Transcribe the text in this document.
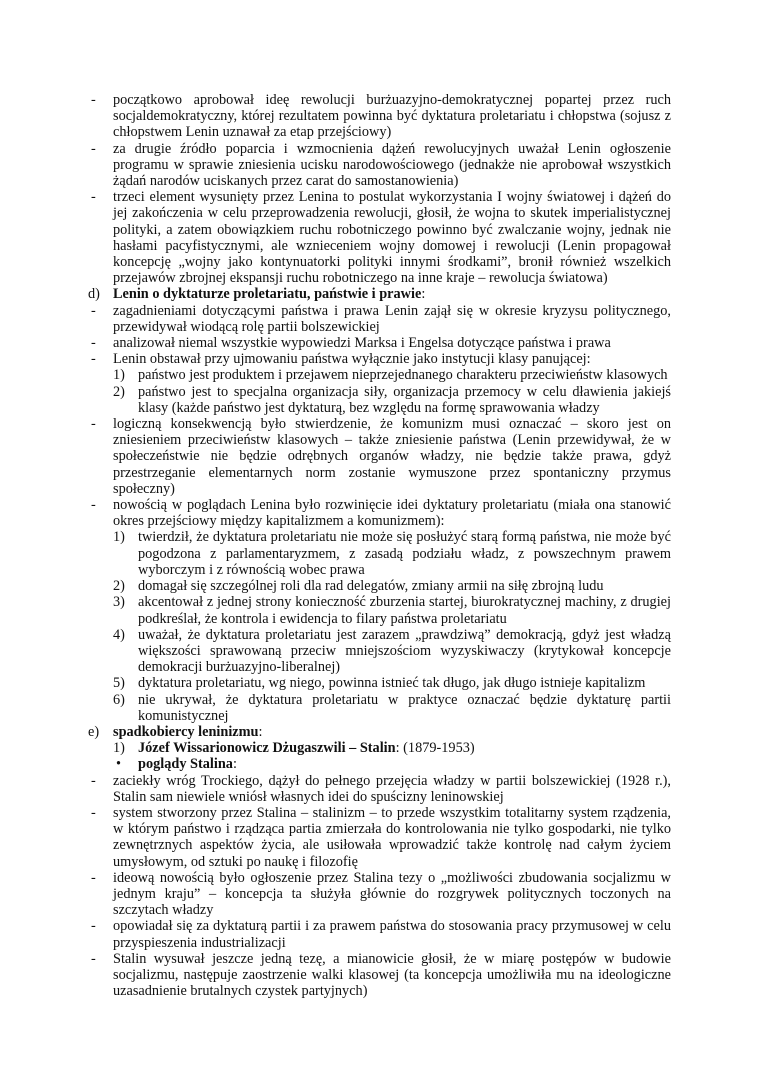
- początkowo aprobował ideę rewolucji burżuazyjno-demokratycznej popartej przez ruch socjaldemokratyczny, której rezultatem powinna być dyktatura proletariatu i chłopstwa (sojusz z chłopstwem Lenin uznawał za etap przejściowy)
- za drugie źródło poparcia i wzmocnienia dążeń rewolucyjnych uważał Lenin ogłoszenie programu w sprawie zniesienia ucisku narodowościowego (jednakże nie aprobował wszystkich żądań narodów uciskanych przez carat do samostanowienia)
- trzeci element wysunięty przez Lenina to postulat wykorzystania I wojny światowej i dążeń do jej zakończenia w celu przeprowadzenia rewolucji, głosił, że wojna to skutek imperialistycznej polityki, a zatem obowiązkiem ruchu robotniczego powinno być zwalczanie wojny, jednak nie hasłami pacyfistycznymi, ale wznieceniem wojny domowej i rewolucji (Lenin propagował koncepcję „wojny jako kontynuatorki polityki innymi środkami”, bronił również wszelkich przejawów zbrojnej ekspansji ruchu robotniczego na inne kraje – rewolucja światowa)
d) Lenin o dyktaturze proletariatu, państwie i prawie:
- zagadnieniami dotyczącymi państwa i prawa Lenin zajął się w okresie kryzysu politycznego, przewidywał wiodącą rolę partii bolszewickiej
- analizował niemal wszystkie wypowiedzi Marksa i Engelsa dotyczące państwa i prawa
- Lenin obstawał przy ujmowaniu państwa wyłącznie jako instytucji klasy panującej:
1) państwo jest produktem i przejawem nieprzejednanego charakteru przeciwieństw klasowych
2) państwo jest to specjalna organizacja siły, organizacja przemocy w celu dławienia jakiejś klasy (każde państwo jest dyktaturą, bez względu na formę sprawowania władzy
- logiczną konsekwencją było stwierdzenie, że komunizm musi oznaczać – skoro jest on zniesieniem przeciwieństw klasowych – także zniesienie państwa (Lenin przewidywał, że w społeczeństwie nie będzie odrębnych organów władzy, nie będzie także prawa, gdyż przestrzeganie elementarnych norm zostanie wymuszone przez spontaniczny przymus społeczny)
- nowością w poglądach Lenina było rozwinięcie idei dyktatury proletariatu (miała ona stanowić okres przejściowy między kapitalizmem a komunizmem):
1) twierdził, że dyktatura proletariatu nie może się posłużyć starą formą państwa, nie może być pogodzona z parlamentaryzmem, z zasadą podziału władz, z powszechnym prawem wyborczym i z równością wobec prawa
2) domagał się szczególnej roli dla rad delegatów, zmiany armii na siłę zbrojną ludu
3) akcentował z jednej strony konieczność zburzenia startej, biurokratycznej machiny, z drugiej podkreślał, że kontrola i ewidencja to filary państwa proletariatu
4) uważał, że dyktatura proletariatu jest zarazem „prawdziwą” demokracją, gdyż jest władzą większości sprawowaną przeciw mniejszościom wyzyskiwaczy (krytykował koncepcje demokracji burżuazyjno-liberalnej)
5) dyktatura proletariatu, wg niego, powinna istnieć tak długo, jak długo istnieje kapitalizm
6) nie ukrywał, że dyktatura proletariatu w praktyce oznaczać będzie dyktaturę partii komunistycznej
e) spadkobiercy leninizmu:
1) Józef Wissarionowicz Dżugaszwili – Stalin: (1879-1953)
• poglądy Stalina:
- zaciekły wróg Trockiego, dążył do pełnego przejęcia władzy w partii bolszewickiej (1928 r.), Stalin sam niewiele wniósł własnych idei do spuścizny leninowskiej
- system stworzony przez Stalina – stalinizm – to przede wszystkim totalitarny system rządzenia, w którym państwo i rządząca partia zmierzała do kontrolowania nie tylko gospodarki, nie tylko zewnętrznych aspektów życia, ale usiłowała wprowadzić także kontrolę nad całym życiem umysłowym, od sztuki po naukę i filozofię
- ideową nowością było ogłoszenie przez Stalina tezy o „możliwości zbudowania socjalizmu w jednym kraju” – koncepcja ta służyła głównie do rozgrywek politycznych toczonych na szczytach władzy
- opowiadał się za dyktaturą partii i za prawem państwa do stosowania pracy przymusowej w celu przyspieszenia industrializacji
- Stalin wysuwał jeszcze jedną tezę, a mianowicie głosił, że w miarę postępów w budowie socjalizmu, następuje zaostrzenie walki klasowej (ta koncepcja umożliwiła mu na ideologiczne uzasadnienie brutalnych czystek partyjnych)
